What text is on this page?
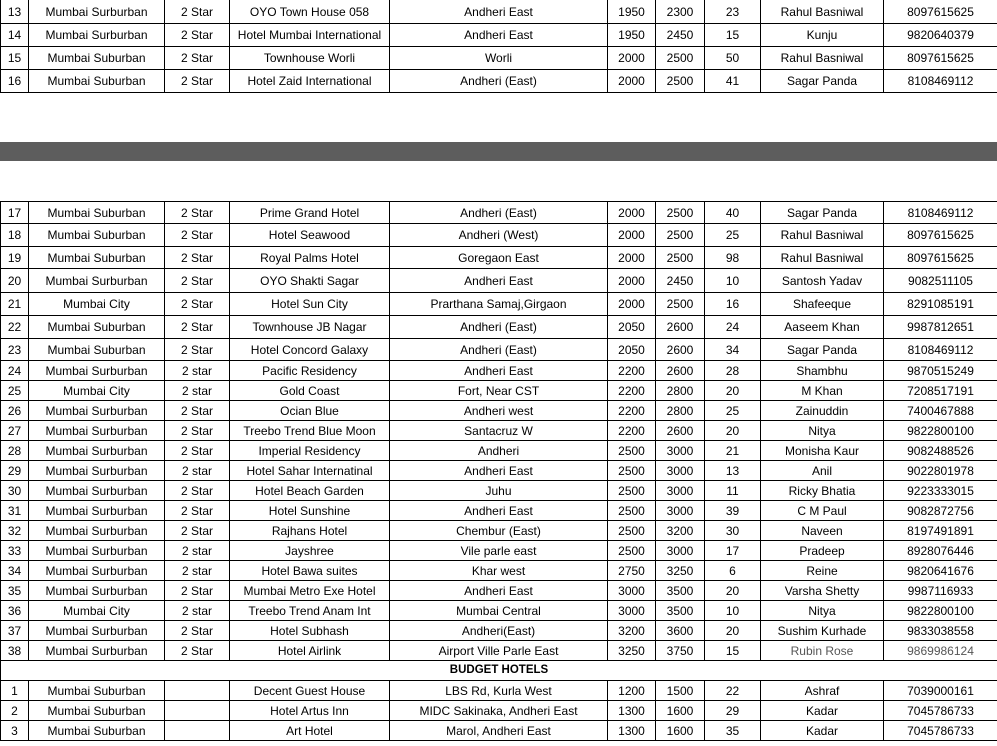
13	Mumbai Surburban	2 Star	OYO Town House 058	Andheri East	1950	2300	23	Rahul Basniwal	8097615625
14	Mumbai Surburban	2 Star	Hotel Mumbai International	Andheri East	1950	2450	15	Kunju	9820640379
15	Mumbai Suburban	2 Star	Townhouse Worli	Worli	2000	2500	50	Rahul Basniwal	8097615625
16	Mumbai Suburban	2 Star	Hotel Zaid International	Andheri (East)	2000	2500	41	Sagar Panda	8108469112
17	Mumbai Suburban	2 Star	Prime Grand Hotel	Andheri (East)	2000	2500	40	Sagar Panda	8108469112
18	Mumbai Suburban	2 Star	Hotel Seawood	Andheri (West)	2000	2500	25	Rahul Basniwal	8097615625
19	Mumbai Suburban	2 Star	Royal Palms Hotel	Goregaon East	2000	2500	98	Rahul Basniwal	8097615625
20	Mumbai Surburban	2 Star	OYO Shakti Sagar	Andheri East	2000	2450	10	Santosh Yadav	9082511105
21	Mumbai City	2 Star	Hotel Sun City	Prarthana Samaj,Girgaon	2000	2500	16	Shafeeque	8291085191
22	Mumbai Suburban	2 Star	Townhouse JB Nagar	Andheri (East)	2050	2600	24	Aaseem Khan	9987812651
23	Mumbai Suburban	2 Star	Hotel Concord Galaxy	Andheri (East)	2050	2600	34	Sagar Panda	8108469112
24	Mumbai Surburban	2 star	Pacific Residency	Andheri East	2200	2600	28	Shambhu	9870515249
25	Mumbai City	2 star	Gold Coast	Fort, Near CST	2200	2800	20	M Khan	7208517191
26	Mumbai Surburban	2 Star	Ocian Blue	Andheri west	2200	2800	25	Zainuddin	7400467888
27	Mumbai Surburban	2 Star	Treebo Trend Blue Moon	Santacruz W	2200	2600	20	Nitya	9822800100
28	Mumbai Surburban	2 Star	Imperial Residency	Andheri	2500	3000	21	Monisha Kaur	9082488526
29	Mumbai Surburban	2 star	Hotel Sahar Internatinal	Andheri East	2500	3000	13	Anil	9022801978
30	Mumbai Surburban	2 Star	Hotel Beach Garden	Juhu	2500	3000	11	Ricky Bhatia	9223333015
31	Mumbai Surburban	2 Star	Hotel Sunshine	Andheri East	2500	3000	39	C M Paul	9082872756
32	Mumbai Surburban	2 Star	Rajhans Hotel	Chembur (East)	2500	3200	30	Naveen	8197491891
33	Mumbai Surburban	2 star	Jayshree	Vile parle east	2500	3000	17	Pradeep	8928076446
34	Mumbai Surburban	2 star	Hotel Bawa suites	Khar west	2750	3250	6	Reine	9820641676
35	Mumbai Surburban	2 Star	Mumbai Metro Exe Hotel	Andheri East	3000	3500	20	Varsha Shetty	9987116933
36	Mumbai City	2 star	Treebo Trend Anam Int	Mumbai Central	3000	3500	10	Nitya	9822800100
37	Mumbai Surburban	2 Star	Hotel Subhash	Andheri(East)	3200	3600	20	Sushim Kurhade	9833038558
38	Mumbai Surburban	2 Star	Hotel Airlink	Airport Ville Parle East	3250	3750	15	Rubin Rose	9869986124
BUDGET HOTELS									
1	Mumbai Suburban		Decent Guest House	LBS Rd, Kurla West	1200	1500	22	Ashraf	7039000161
2	Mumbai Suburban		Hotel Artus Inn	MIDC Sakinaka, Andheri East	1300	1600	29	Kadar	7045786733
3	Mumbai Suburban		Art Hotel	Marol, Andheri East	1300	1600	35	Kadar	7045786733
